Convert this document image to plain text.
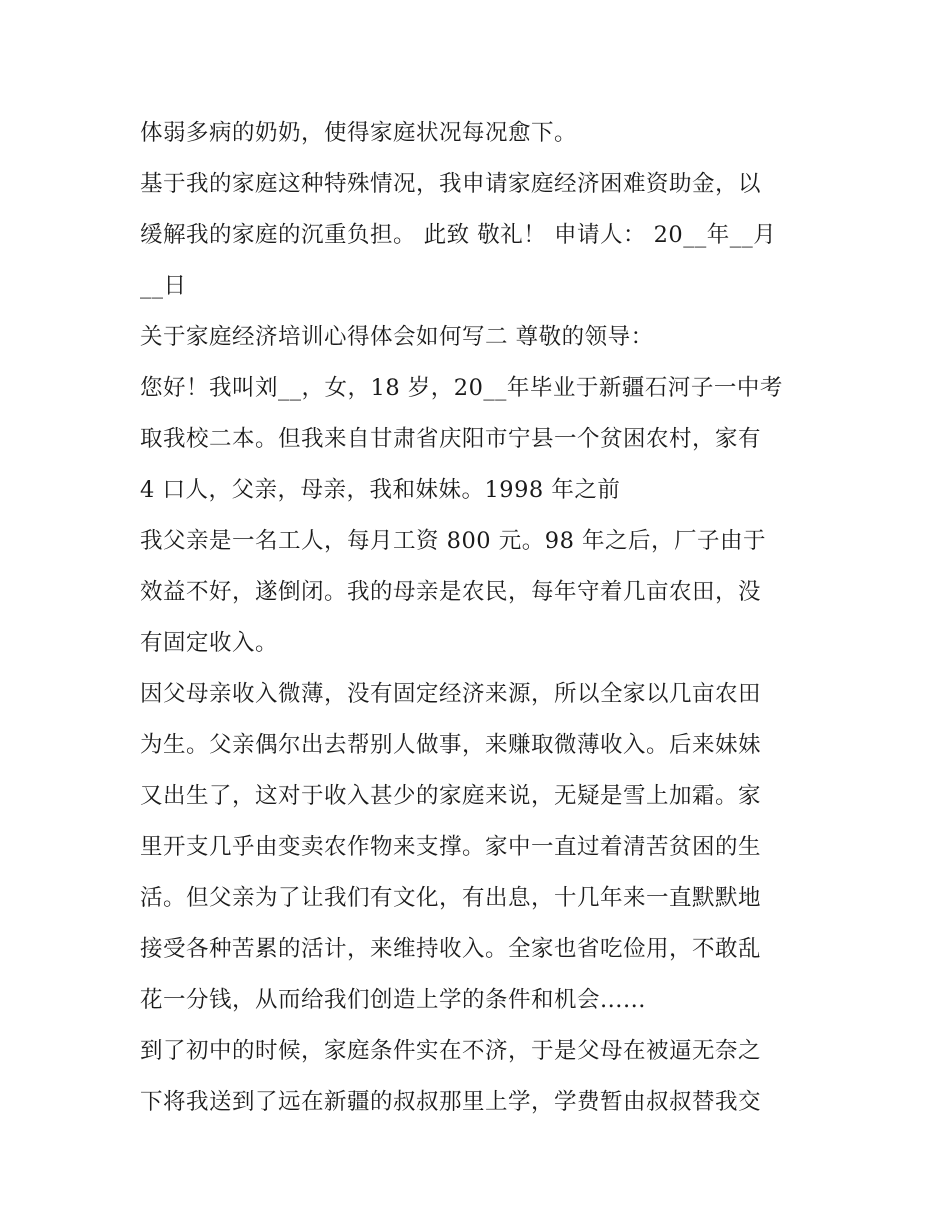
体弱多病的奶奶，使得家庭状况每况愈下。
基于我的家庭这种特殊情况，我申请家庭经济困难资助金，以
缓解我的家庭的沉重负担。 此致 敬礼！ 申请人： 20__年__月
__日
关于家庭经济培训心得体会如何写二 尊敬的领导：
您好！我叫刘__，女，18 岁，20__年毕业于新疆石河子一中考
取我校二本。但我来自甘肃省庆阳市宁县一个贫困农村，家有
4 口人，父亲，母亲，我和妹妹。1998 年之前
我父亲是一名工人，每月工资 800 元。98 年之后，厂子由于
效益不好，遂倒闭。我的母亲是农民，每年守着几亩农田，没
有固定收入。
因父母亲收入微薄，没有固定经济来源，所以全家以几亩农田
为生。父亲偶尔出去帮别人做事，来赚取微薄收入。后来妹妹
又出生了，这对于收入甚少的家庭来说，无疑是雪上加霜。家
里开支几乎由变卖农作物来支撑。家中一直过着清苦贫困的生
活。但父亲为了让我们有文化，有出息，十几年来一直默默地
接受各种苦累的活计，来维持收入。全家也省吃俭用，不敢乱
花一分钱，从而给我们创造上学的条件和机会......
到了初中的时候，家庭条件实在不济，于是父母在被逼无奈之
下将我送到了远在新疆的叔叔那里上学，学费暂由叔叔替我交
